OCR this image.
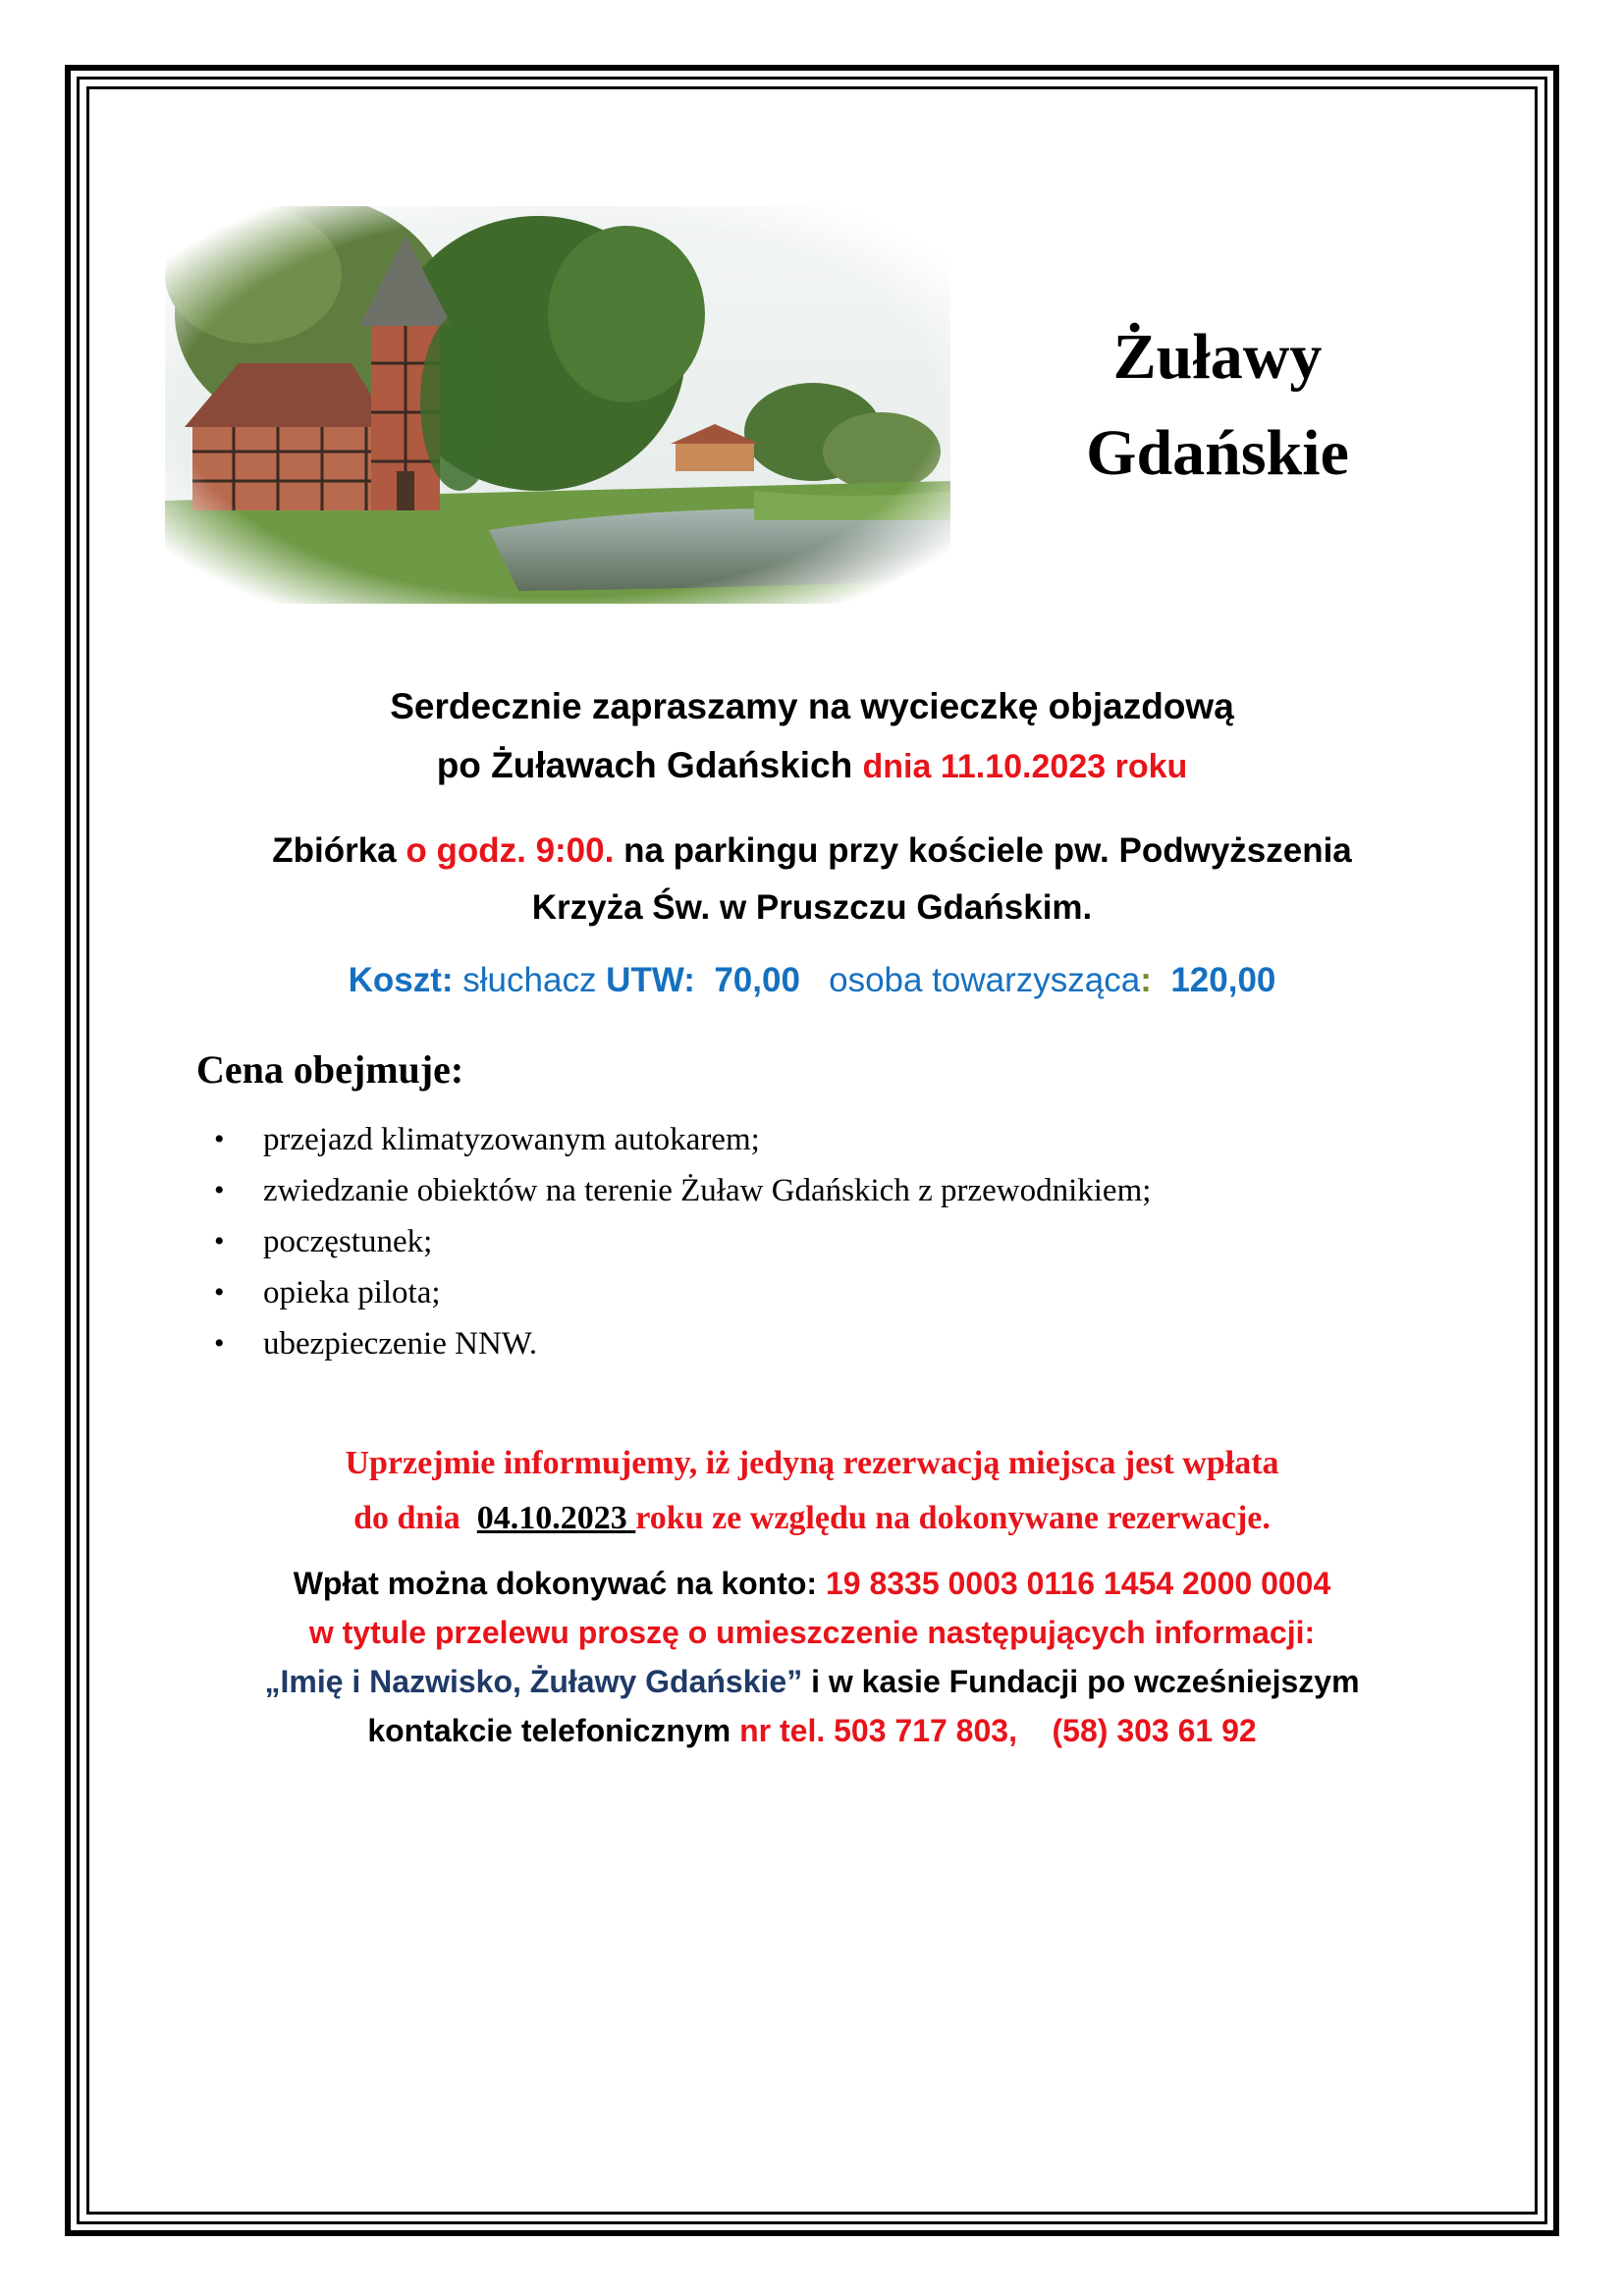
Żuławy
Gdańskie
Serdecznie zapraszamy na wycieczkę objazdową
po Żuławach Gdańskich dnia 11.10.2023 roku
Zbiórka o godz. 9:00. na parkingu przy kościele pw. Podwyższenia
Krzyża Św. w Pruszczu Gdańskim.
Koszt: słuchacz UTW: 70,00 osoba towarzysząca: 120,00
Cena obejmuje:
• przejazd klimatyzowanym autokarem;
• zwiedzanie obiektów na terenie Żuław Gdańskich z przewodnikiem;
• poczęstunek;
• opieka pilota;
• ubezpieczenie NNW.
Uprzejmie informujemy, iż jedyną rezerwacją miejsca jest wpłata
do dnia 04.10.2023 roku ze względu na dokonywane rezerwacje.
Wpłat można dokonywać na konto: 19 8335 0003 0116 1454 2000 0004
w tytule przelewu proszę o umieszczenie następujących informacji:
„Imię i Nazwisko, Żuławy Gdańskie” i w kasie Fundacji po wcześniejszym
kontakcie telefonicznym nr tel. 503 717 803,    (58) 303 61 92
